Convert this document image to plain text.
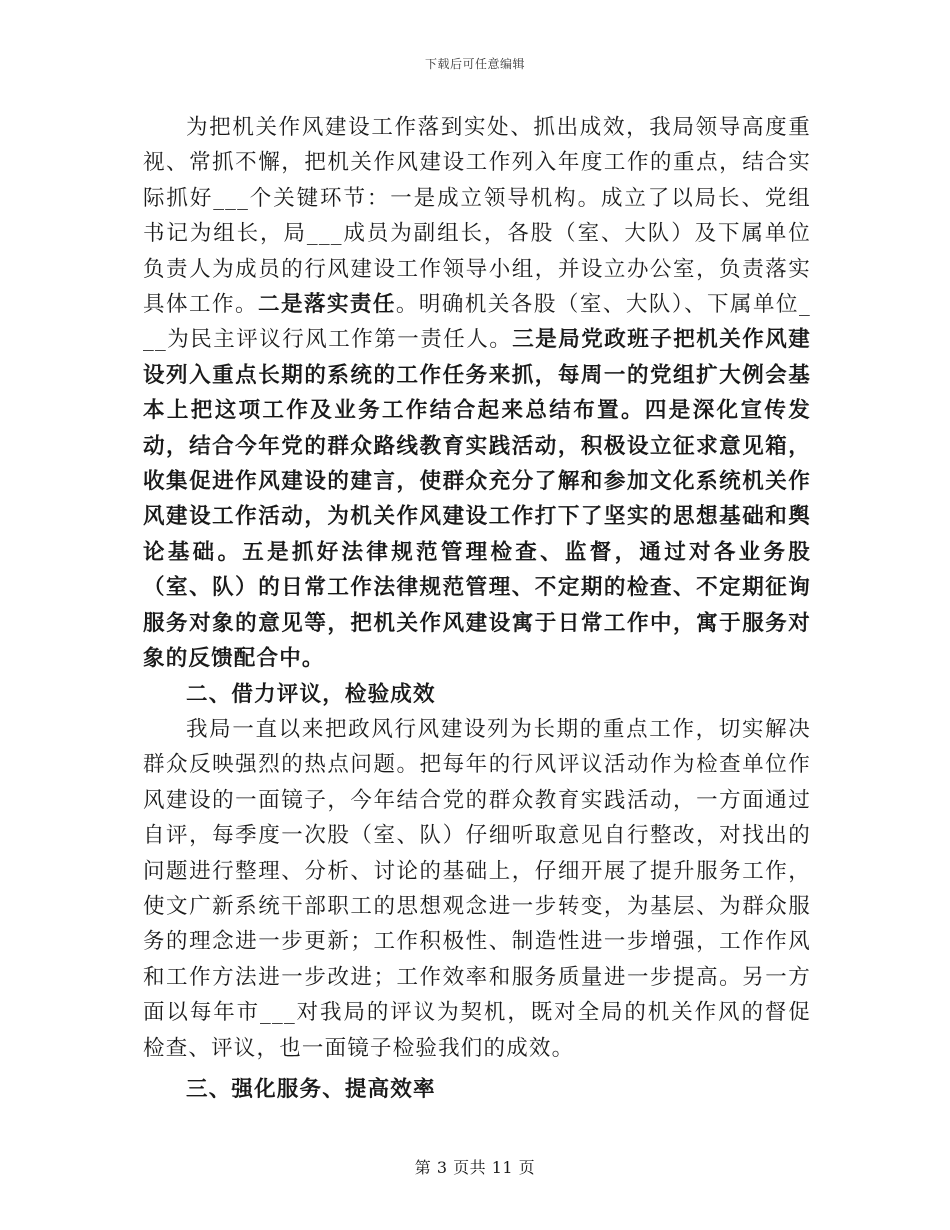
下载后可任意编辑

为把机关作风建设工作落到实处、抓出成效，我局领导高度重视、常抓不懈，把机关作风建设工作列入年度工作的重点，结合实际抓好___个关键环节：一是成立领导机构。成立了以局长、党组书记为组长，局___成员为副组长，各股（室、大队）及下属单位负责人为成员的行风建设工作领导小组，并设立办公室，负责落实具体工作。二是落实责任。明确机关各股（室、大队）、下属单位___为民主评议行风工作第一责任人。三是局党政班子把机关作风建设列入重点长期的系统的工作任务来抓，每周一的党组扩大例会基本上把这项工作及业务工作结合起来总结布置。四是深化宣传发动，结合今年党的群众路线教育实践活动，积极设立征求意见箱，收集促进作风建设的建言，使群众充分了解和参加文化系统机关作风建设工作活动，为机关作风建设工作打下了坚实的思想基础和舆论基础。五是抓好法律规范管理检查、监督，通过对各业务股（室、队）的日常工作法律规范管理、不定期的检查、不定期征询服务对象的意见等，把机关作风建设寓于日常工作中，寓于服务对象的反馈配合中。

二、借力评议，检验成效

我局一直以来把政风行风建设列为长期的重点工作，切实解决群众反映强烈的热点问题。把每年的行风评议活动作为检查单位作风建设的一面镜子，今年结合党的群众教育实践活动，一方面通过自评，每季度一次股（室、队）仔细听取意见自行整改，对找出的问题进行整理、分析、讨论的基础上，仔细开展了提升服务工作，使文广新系统干部职工的思想观念进一步转变，为基层、为群众服务的理念进一步更新；工作积极性、制造性进一步增强，工作作风和工作方法进一步改进；工作效率和服务质量进一步提高。另一方面以每年市___对我局的评议为契机，既对全局的机关作风的督促检查、评议，也一面镜子检验我们的成效。

三、强化服务、提高效率

第 3 页共 11 页
